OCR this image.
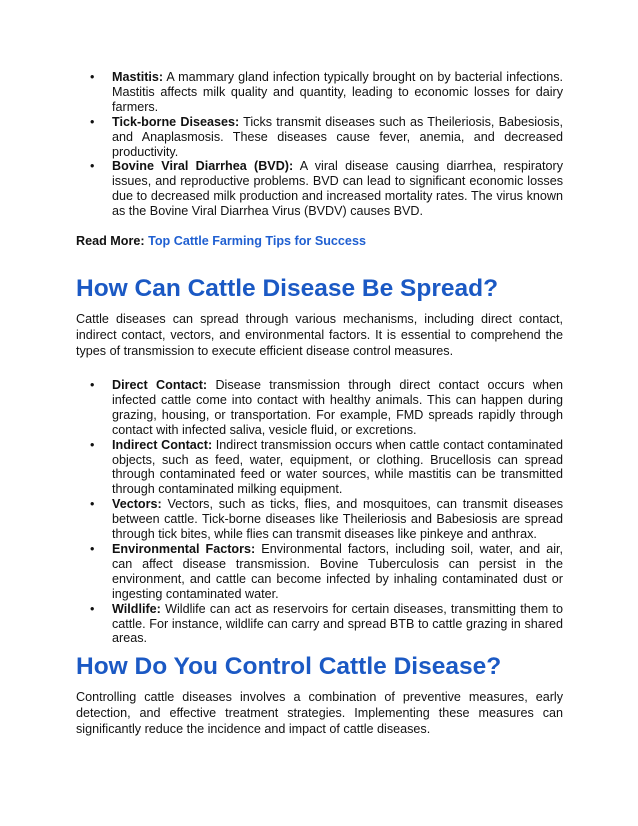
•
Mastitis: A mammary gland infection typically brought on by bacterial infections. Mastitis affects milk quality and quantity, leading to economic losses for dairy farmers.
•
Tick-borne Diseases: Ticks transmit diseases such as Theileriosis, Babesiosis, and Anaplasmosis. These diseases cause fever, anemia, and decreased productivity.
•
Bovine Viral Diarrhea (BVD): A viral disease causing diarrhea, respiratory issues, and reproductive problems. BVD can lead to significant economic losses due to decreased milk production and increased mortality rates. The virus known as the Bovine Viral Diarrhea Virus (BVDV) causes BVD.
Read More: Top Cattle Farming Tips for Success
How Can Cattle Disease Be Spread?

Cattle diseases can spread through various mechanisms, including direct contact, indirect contact, vectors, and environmental factors. It is essential to comprehend the types of transmission to execute efficient disease control measures.

•
Direct Contact: Disease transmission through direct contact occurs when infected cattle come into contact with healthy animals. This can happen during grazing, housing, or transportation. For example, FMD spreads rapidly through contact with infected saliva, vesicle fluid, or excretions.
•
Indirect Contact: Indirect transmission occurs when cattle contact contaminated objects, such as feed, water, equipment, or clothing. Brucellosis can spread through contaminated feed or water sources, while mastitis can be transmitted through contaminated milking equipment.
•
Vectors: Vectors, such as ticks, flies, and mosquitoes, can transmit diseases between cattle. Tick-borne diseases like Theileriosis and Babesiosis are spread through tick bites, while flies can transmit diseases like pinkeye and anthrax.
•
Environmental Factors: Environmental factors, including soil, water, and air, can affect disease transmission. Bovine Tuberculosis can persist in the environment, and cattle can become infected by inhaling contaminated dust or ingesting contaminated water.
•
Wildlife: Wildlife can act as reservoirs for certain diseases, transmitting them to cattle. For instance, wildlife can carry and spread BTB to cattle grazing in shared areas.
How Do You Control Cattle Disease?

Controlling cattle diseases involves a combination of preventive measures, early detection, and effective treatment strategies. Implementing these measures can significantly reduce the incidence and impact of cattle diseases.
